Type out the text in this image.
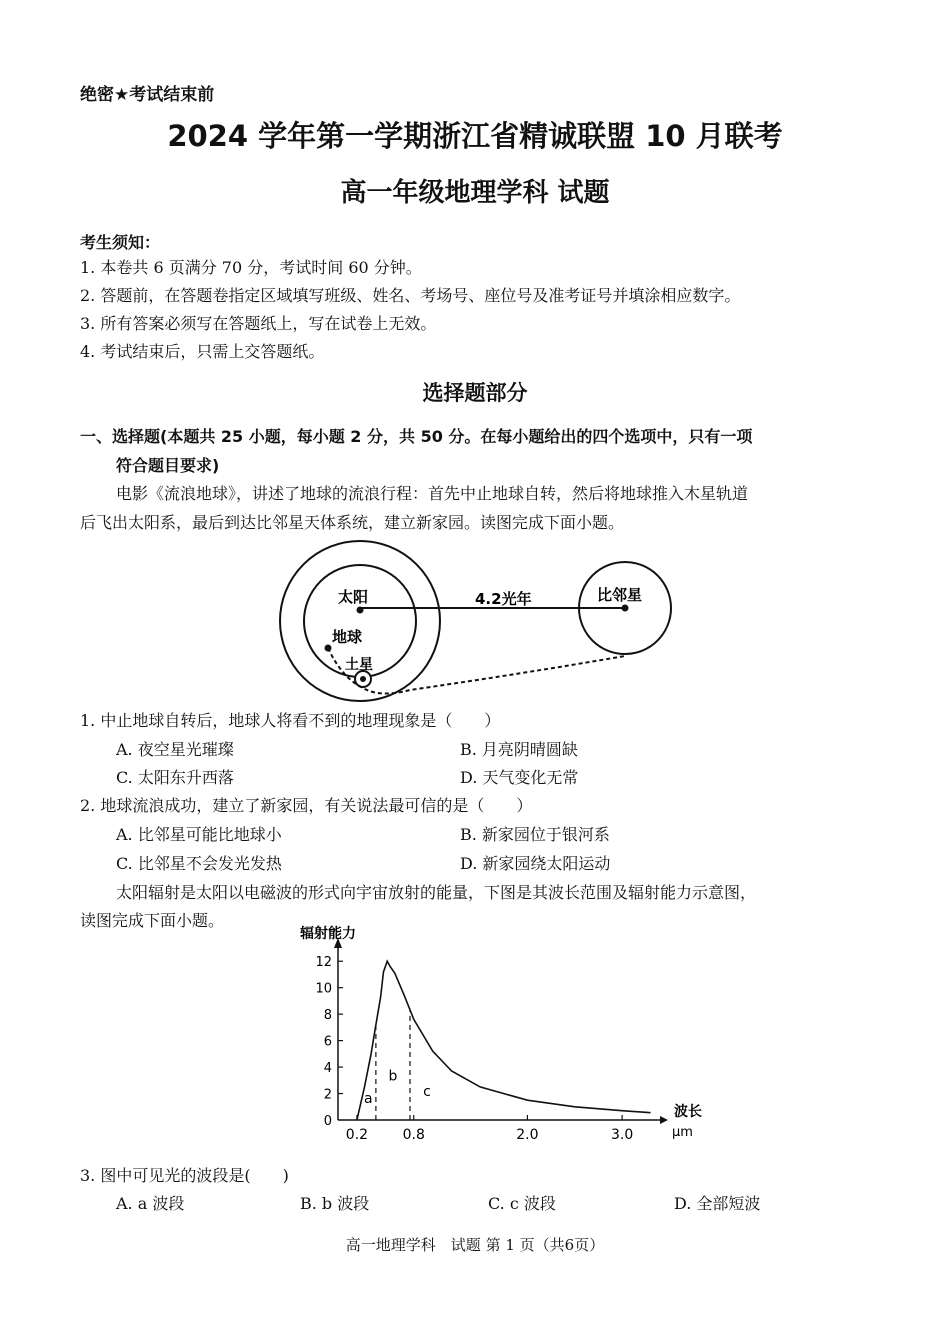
绝密★考试结束前
2024 学年第一学期浙江省精诚联盟 10 月联考
高一年级地理学科 试题
考生须知：
1. 本卷共 6 页满分 70 分，考试时间 60 分钟。
2. 答题前，在答题卷指定区域填写班级、姓名、考场号、座位号及准考证号并填涂相应数字。
3. 所有答案必须写在答题纸上，写在试卷上无效。
4. 考试结束后，只需上交答题纸。
选择题部分
一、选择题(本题共 25 小题，每小题 2 分，共 50 分。在每小题给出的四个选项中，只有一项
符合题目要求)
电影《流浪地球》，讲述了地球的流浪行程：首先中止地球自转，然后将地球推入木星轨道
后飞出太阳系，最后到达比邻星天体系统，建立新家园。读图完成下面小题。
太阳	4.2光年	比邻星
地球
土星
1. 中止地球自转后，地球人将看不到的地理现象是（　　）
A. 夜空星光璀璨	B. 月亮阴晴圆缺
C. 太阳东升西落	D. 天气变化无常
2. 地球流浪成功，建立了新家园，有关说法最可信的是（　　）
A. 比邻星可能比地球小	B. 新家园位于银河系
C. 比邻星不会发光发热	D. 新家园绕太阳运动
太阳辐射是太阳以电磁波的形式向宇宙放射的能量，下图是其波长范围及辐射能力示意图，
读图完成下面小题。
0
2
4
6
8
10
12
0.2 0.8	2.0	3.0
辐射能力
波长
μm
a
b
c
3. 图中可见光的波段是(　　)
A. a 波段	B. b 波段	C. c 波段	D. 全部短波
高一地理学科　试题 第 1 页（共6页）
